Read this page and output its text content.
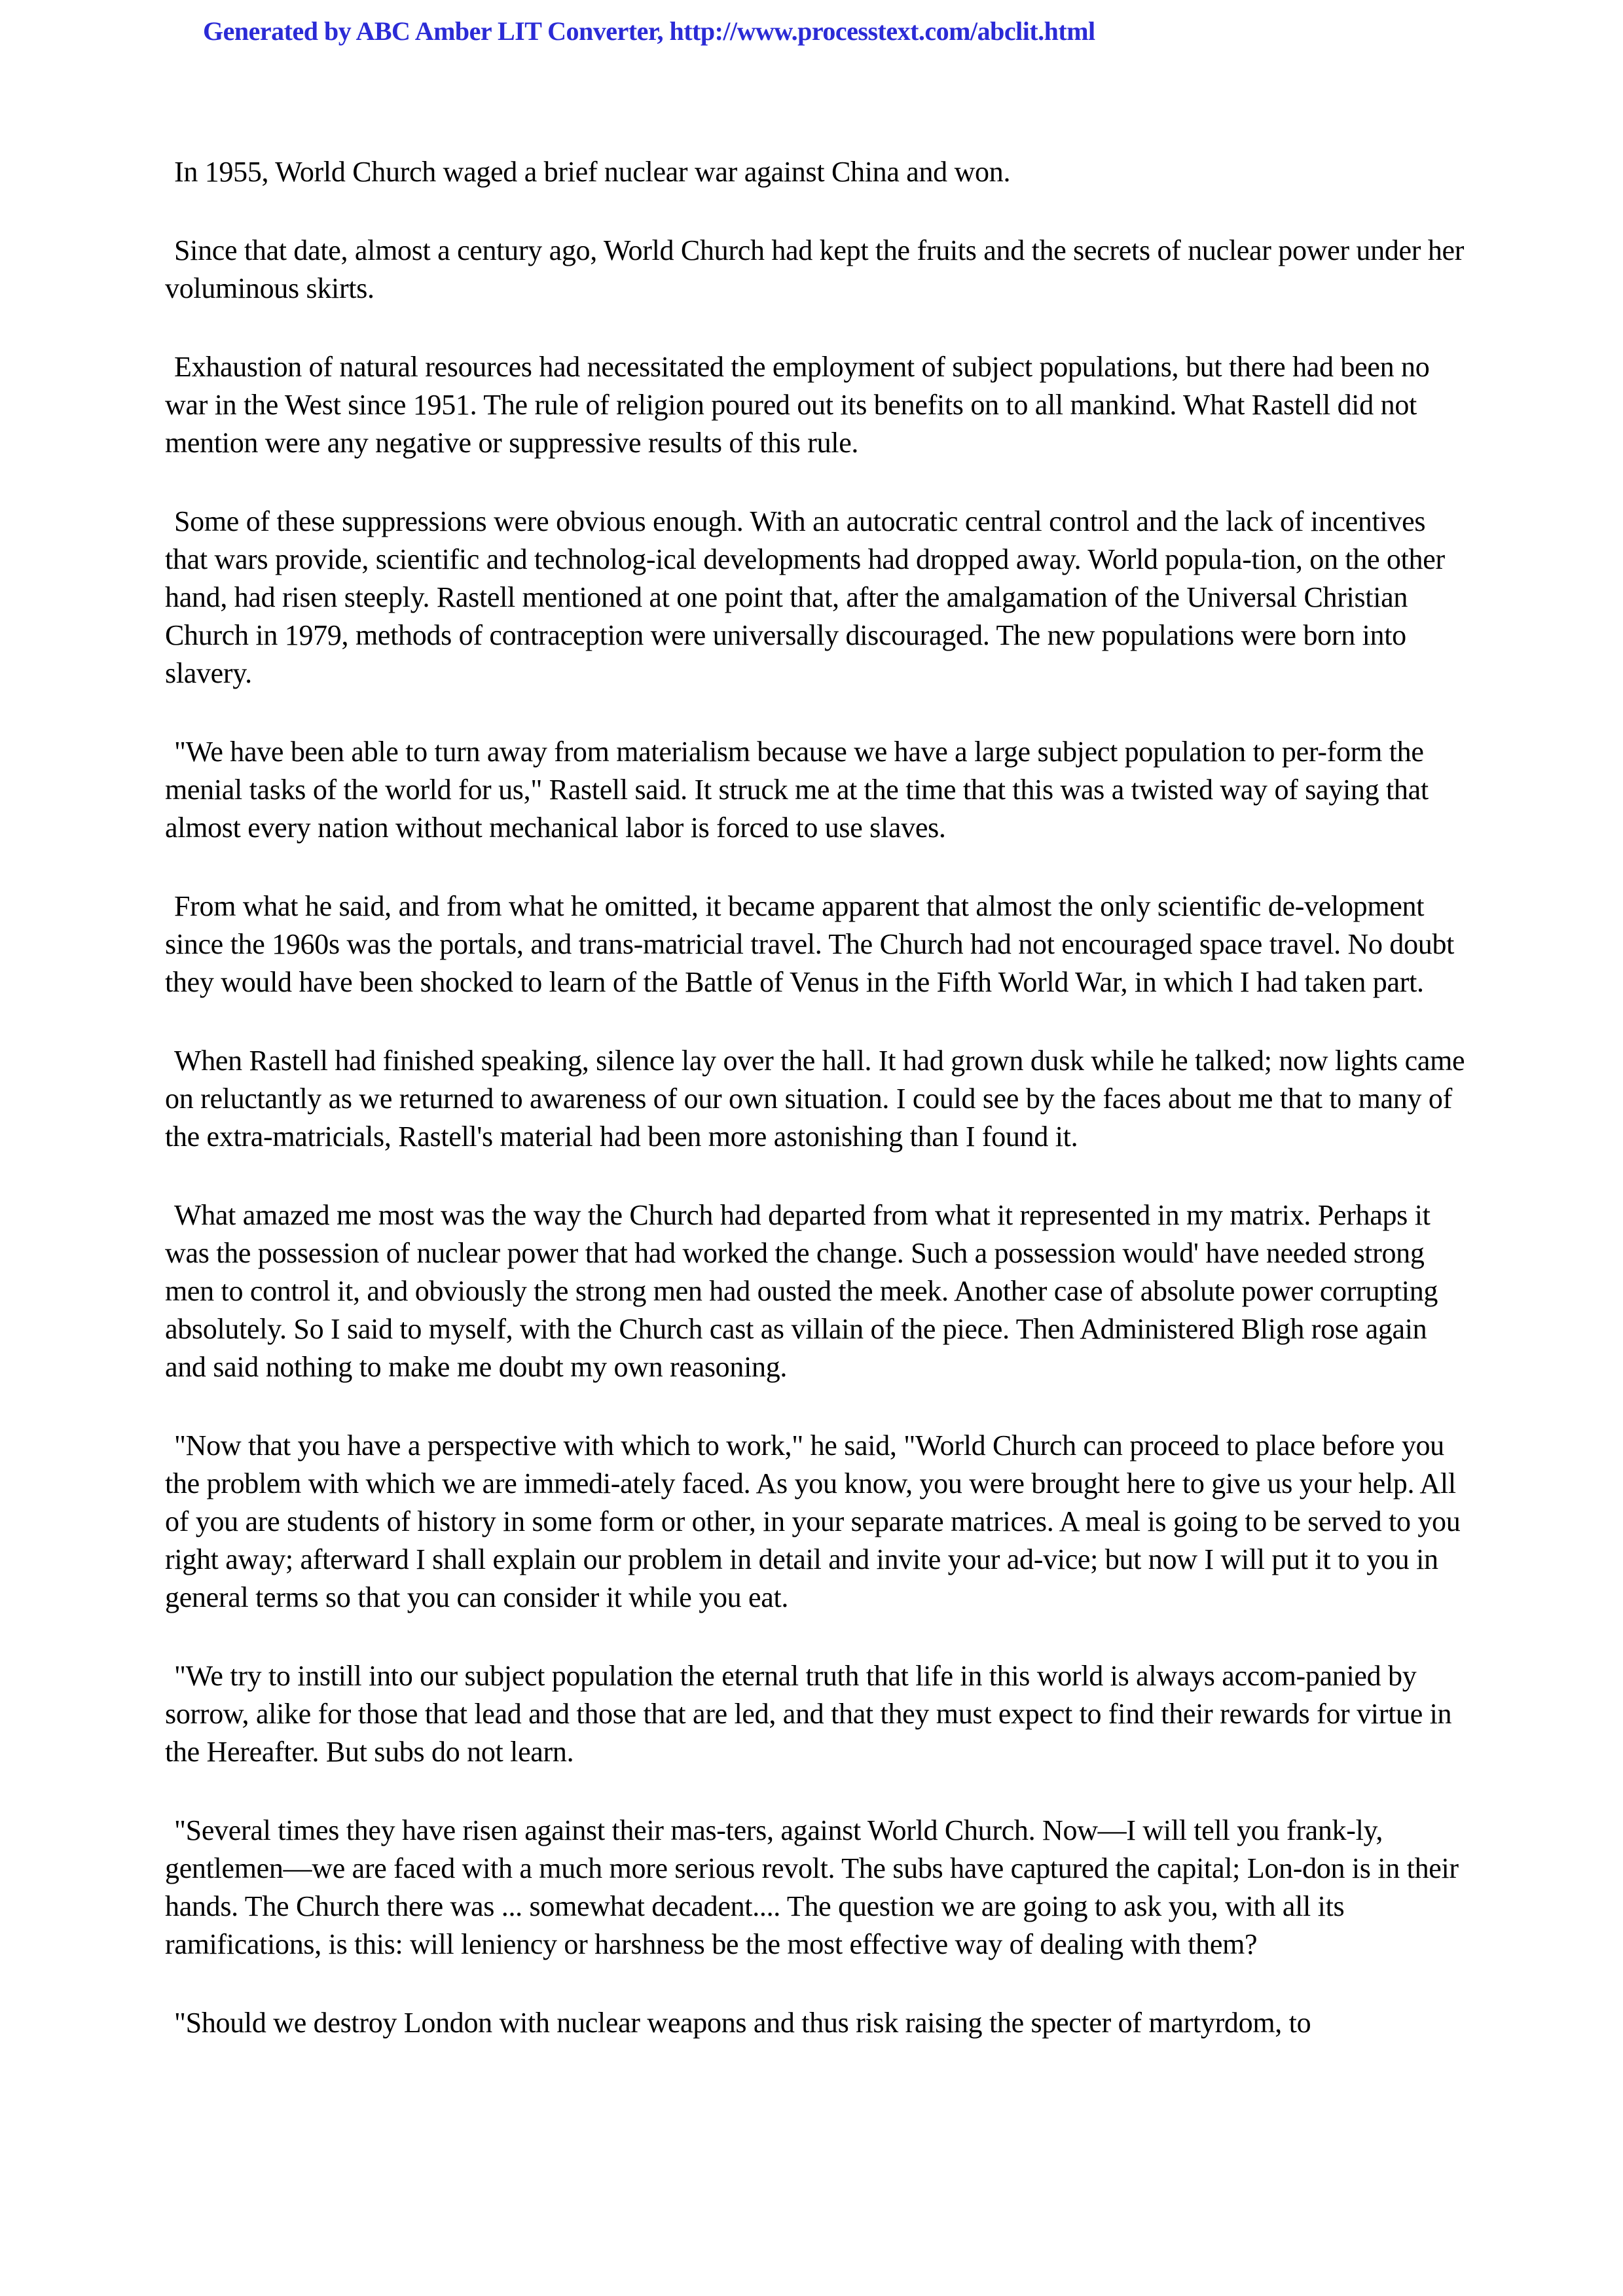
Generated by ABC Amber LIT Converter, http://www.processtext.com/abclit.html

In 1955, World Church waged a brief nuclear war against China and won.

Since that date, almost a century ago, World Church had kept the fruits and the secrets of nuclear power under her voluminous skirts.

Exhaustion of natural resources had necessitated the employment of subject populations, but there had been no war in the West since 1951. The rule of religion poured out its benefits on to all mankind. What Rastell did not mention were any negative or suppressive results of this rule.

Some of these suppressions were obvious enough. With an autocratic central control and the lack of incentives that wars provide, scientific and technolog-ical developments had dropped away. World popula-tion, on the other hand, had risen steeply. Rastell mentioned at one point that, after the amalgamation of the Universal Christian Church in 1979, methods of contraception were universally discouraged. The new populations were born into slavery.

"We have been able to turn away from materialism because we have a large subject population to per-form the menial tasks of the world for us," Rastell said. It struck me at the time that this was a twisted way of saying that almost every nation without mechanical labor is forced to use slaves.

From what he said, and from what he omitted, it became apparent that almost the only scientific de-velopment since the 1960s was the portals, and trans-matricial travel. The Church had not encouraged space travel. No doubt they would have been shocked to learn of the Battle of Venus in the Fifth World War, in which I had taken part.

When Rastell had finished speaking, silence lay over the hall. It had grown dusk while he talked; now lights came on reluctantly as we returned to awareness of our own situation. I could see by the faces about me that to many of the extra-matricials, Rastell's material had been more astonishing than I found it.

What amazed me most was the way the Church had departed from what it represented in my matrix. Perhaps it was the possession of nuclear power that had worked the change. Such a possession would' have needed strong men to control it, and obviously the strong men had ousted the meek. Another case of absolute power corrupting absolutely. So I said to myself, with the Church cast as villain of the piece. Then Administered Bligh rose again and said nothing to make me doubt my own reasoning.

"Now that you have a perspective with which to work," he said, "World Church can proceed to place before you the problem with which we are immedi-ately faced. As you know, you were brought here to give us your help. All of you are students of history in some form or other, in your separate matrices. A meal is going to be served to you right away; afterward I shall explain our problem in detail and invite your ad-vice; but now I will put it to you in general terms so that you can consider it while you eat.

"We try to instill into our subject population the eternal truth that life in this world is always accom-panied by sorrow, alike for those that lead and those that are led, and that they must expect to find their rewards for virtue in the Hereafter. But subs do not learn.

"Several times they have risen against their mas-ters, against World Church. Now—I will tell you frank-ly, gentlemen—we are faced with a much more serious revolt. The subs have captured the capital; Lon-don is in their hands. The Church there was ... somewhat decadent.... The question we are going to ask you, with all its ramifications, is this: will leniency or harshness be the most effective way of dealing with them?

"Should we destroy London with nuclear weapons and thus risk raising the specter of martyrdom, to
